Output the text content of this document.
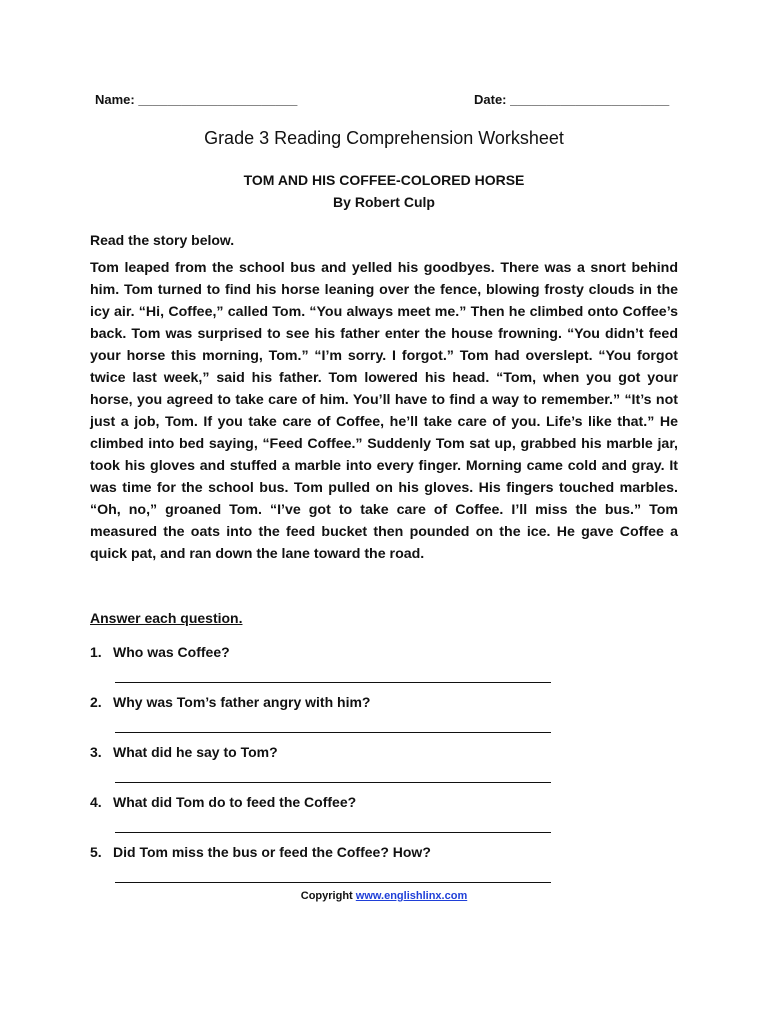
Name: ______________________	Date: ______________________
Grade 3 Reading Comprehension Worksheet
TOM AND HIS COFFEE-COLORED HORSE
By Robert Culp

Read the story below.

Tom leaped from the school bus and yelled his goodbyes. There was a snort behind him. Tom turned to find his horse leaning over the fence, blowing frosty clouds in the icy air. “Hi, Coffee,” called Tom. “You always meet me.” Then he climbed onto Coffee’s back. Tom was surprised to see his father enter the house frowning. “You didn’t feed your horse this morning, Tom.” “I’m sorry. I forgot.” Tom had overslept. “You forgot twice last week,” said his father. Tom lowered his head. “Tom, when you got your horse, you agreed to take care of him. You’ll have to find a way to remember.” “It’s not just a job, Tom. If you take care of Coffee, he’ll take care of you. Life’s like that.” He climbed into bed saying, “Feed Coffee.” Suddenly Tom sat up, grabbed his marble jar, took his gloves and stuffed a marble into every finger. Morning came cold and gray. It was time for the school bus. Tom pulled on his gloves. His fingers touched marbles. “Oh, no,” groaned Tom. “I’ve got to take care of Coffee. I’ll miss the bus.” Tom measured the oats into the feed bucket then pounded on the ice. He gave Coffee a quick pat, and ran down the lane toward the road.

Answer each question.

1. Who was Coffee?
2. Why was Tom’s father angry with him?
3. What did he say to Tom?
4. What did Tom do to feed the Coffee?
5. Did Tom miss the bus or feed the Coffee? How?
Copyright www.englishlinx.com
